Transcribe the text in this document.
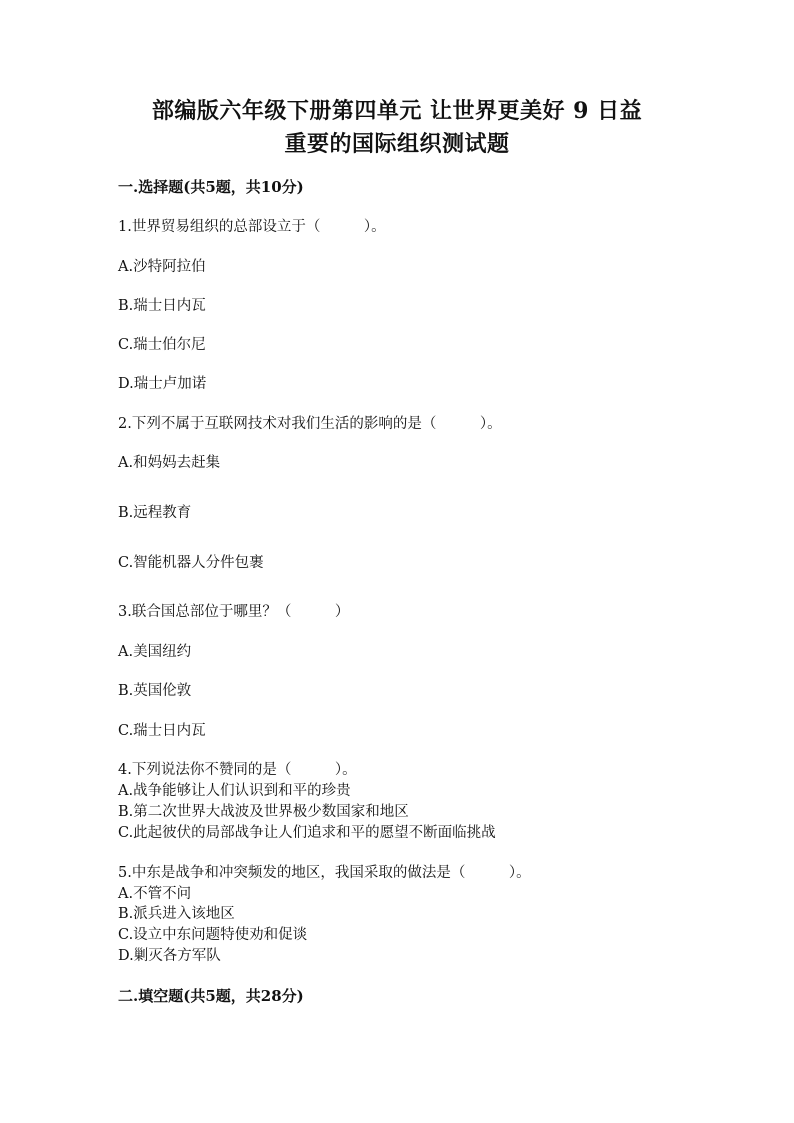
部编版六年级下册第四单元 让世界更美好 9 日益
重要的国际组织测试题
一.选择题(共5题，共10分)
1.世界贸易组织的总部设立于（　　　）。
A.沙特阿拉伯
B.瑞士日内瓦
C.瑞士伯尔尼
D.瑞士卢加诺
2.下列不属于互联网技术对我们生活的影响的是（　　　）。
A.和妈妈去赶集
B.远程教育
C.智能机器人分件包裹
3.联合国总部位于哪里？（　　　）
A.美国纽约
B.英国伦敦
C.瑞士日内瓦
4.下列说法你不赞同的是（　　　）。
A.战争能够让人们认识到和平的珍贵
B.第二次世界大战波及世界极少数国家和地区
C.此起彼伏的局部战争让人们追求和平的愿望不断面临挑战
5.中东是战争和冲突频发的地区，我国采取的做法是（　　　）。
A.不管不问
B.派兵进入该地区
C.设立中东问题特使劝和促谈
D.剿灭各方军队
二.填空题(共5题，共28分)
